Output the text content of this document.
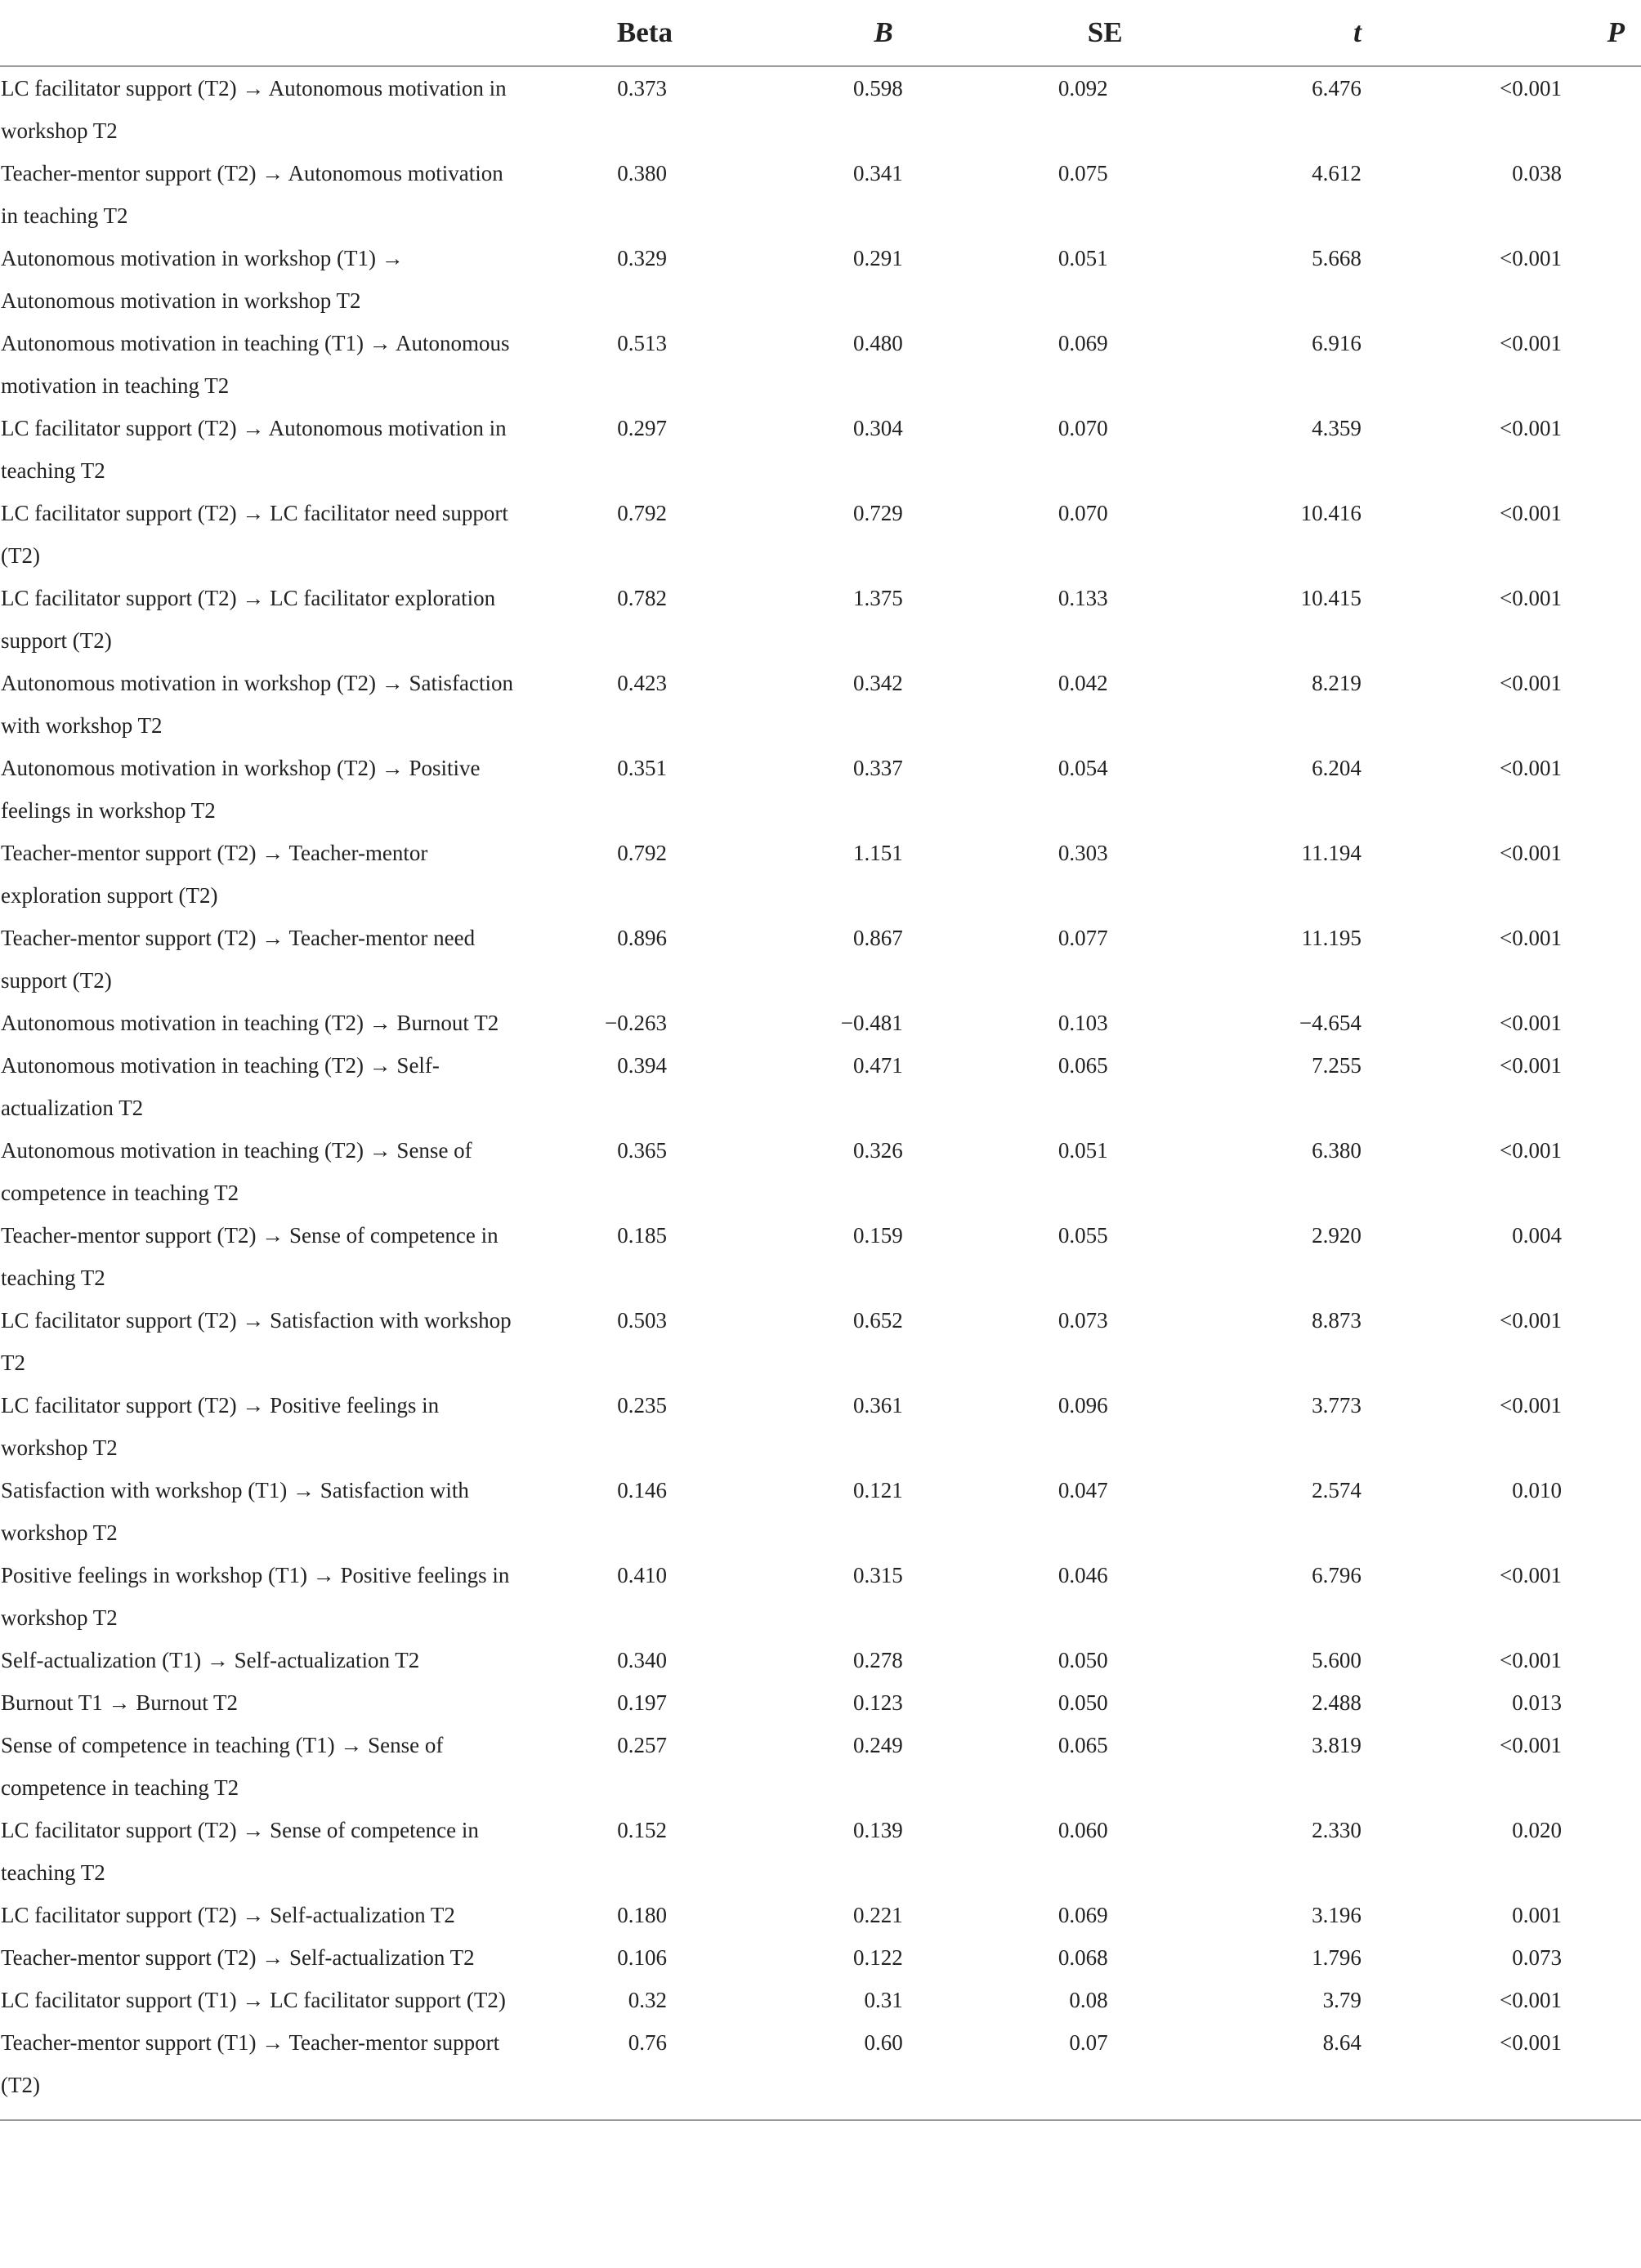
	Beta	B	SE	t	P
LC facilitator support (T2) → Autonomous motivation in workshop T2	0.373	0.598	0.092	6.476	<0.001
Teacher-mentor support (T2) → Autonomous motivation in teaching T2	0.380	0.341	0.075	4.612	0.038
Autonomous motivation in workshop (T1) → Autonomous motivation in workshop T2	0.329	0.291	0.051	5.668	<0.001
Autonomous motivation in teaching (T1) → Autonomous motivation in teaching T2	0.513	0.480	0.069	6.916	<0.001
LC facilitator support (T2) → Autonomous motivation in teaching T2	0.297	0.304	0.070	4.359	<0.001
LC facilitator support (T2) → LC facilitator need support (T2)	0.792	0.729	0.070	10.416	<0.001
LC facilitator support (T2) → LC facilitator exploration support (T2)	0.782	1.375	0.133	10.415	<0.001
Autonomous motivation in workshop (T2) → Satisfaction with workshop T2	0.423	0.342	0.042	8.219	<0.001
Autonomous motivation in workshop (T2) → Positive feelings in workshop T2	0.351	0.337	0.054	6.204	<0.001
Teacher-mentor support (T2) → Teacher-mentor exploration support (T2)	0.792	1.151	0.303	11.194	<0.001
Teacher-mentor support (T2) → Teacher-mentor need support (T2)	0.896	0.867	0.077	11.195	<0.001
Autonomous motivation in teaching (T2) → Burnout T2	−0.263	−0.481	0.103	−4.654	<0.001
Autonomous motivation in teaching (T2) → Self-actualization T2	0.394	0.471	0.065	7.255	<0.001
Autonomous motivation in teaching (T2) → Sense of competence in teaching T2	0.365	0.326	0.051	6.380	<0.001
Teacher-mentor support (T2) → Sense of competence in teaching T2	0.185	0.159	0.055	2.920	0.004
LC facilitator support (T2) → Satisfaction with workshop T2	0.503	0.652	0.073	8.873	<0.001
LC facilitator support (T2) → Positive feelings in workshop T2	0.235	0.361	0.096	3.773	<0.001
Satisfaction with workshop (T1) → Satisfaction with workshop T2	0.146	0.121	0.047	2.574	0.010
Positive feelings in workshop (T1) → Positive feelings in workshop T2	0.410	0.315	0.046	6.796	<0.001
Self-actualization (T1) → Self-actualization T2	0.340	0.278	0.050	5.600	<0.001
Burnout T1 → Burnout T2	0.197	0.123	0.050	2.488	0.013
Sense of competence in teaching (T1) → Sense of competence in teaching T2	0.257	0.249	0.065	3.819	<0.001
LC facilitator support (T2) → Sense of competence in teaching T2	0.152	0.139	0.060	2.330	0.020
LC facilitator support (T2) → Self-actualization T2	0.180	0.221	0.069	3.196	0.001
Teacher-mentor support (T2) → Self-actualization T2	0.106	0.122	0.068	1.796	0.073
LC facilitator support (T1) → LC facilitator support (T2)	0.32	0.31	0.08	3.79	<0.001
Teacher-mentor support (T1) → Teacher-mentor support (T2)	0.76	0.60	0.07	8.64	<0.001
